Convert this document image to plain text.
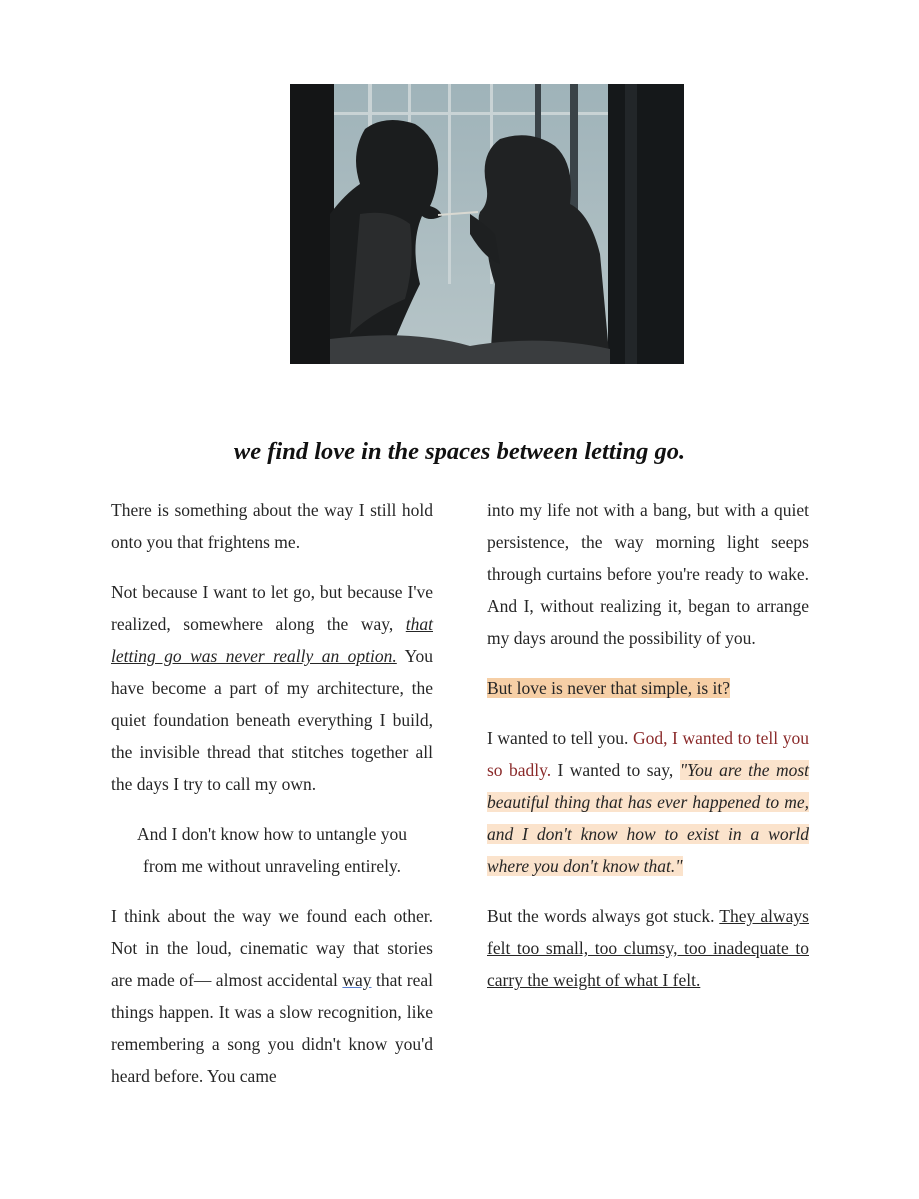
we find love in the spaces between letting go.

There is something about the way I still hold onto you that frightens me.

Not because I want to let go, but because I've realized, somewhere along the way, that letting go was never really an option. You have become a part of my architecture, the quiet foundation beneath everything I build, the invisible thread that stitches together all the days I try to call my own.

And I don't know how to untangle you from me without unraveling entirely.

I think about the way we found each other. Not in the loud, cinematic way that stories are made of— almost accidental way that real things happen. It was a slow recognition, like remembering a song you didn't know you'd heard before. You came

into my life not with a bang, but with a quiet persistence, the way morning light seeps through curtains before you're ready to wake. And I, without realizing it, began to arrange my days around the possibility of you.

But love is never that simple, is it?

I wanted to tell you. God, I wanted to tell you so badly. I wanted to say, "You are the most beautiful thing that has ever happened to me, and I don't know how to exist in a world where you don't know that."

But the words always got stuck. They always felt too small, too clumsy, too inadequate to carry the weight of what I felt.
